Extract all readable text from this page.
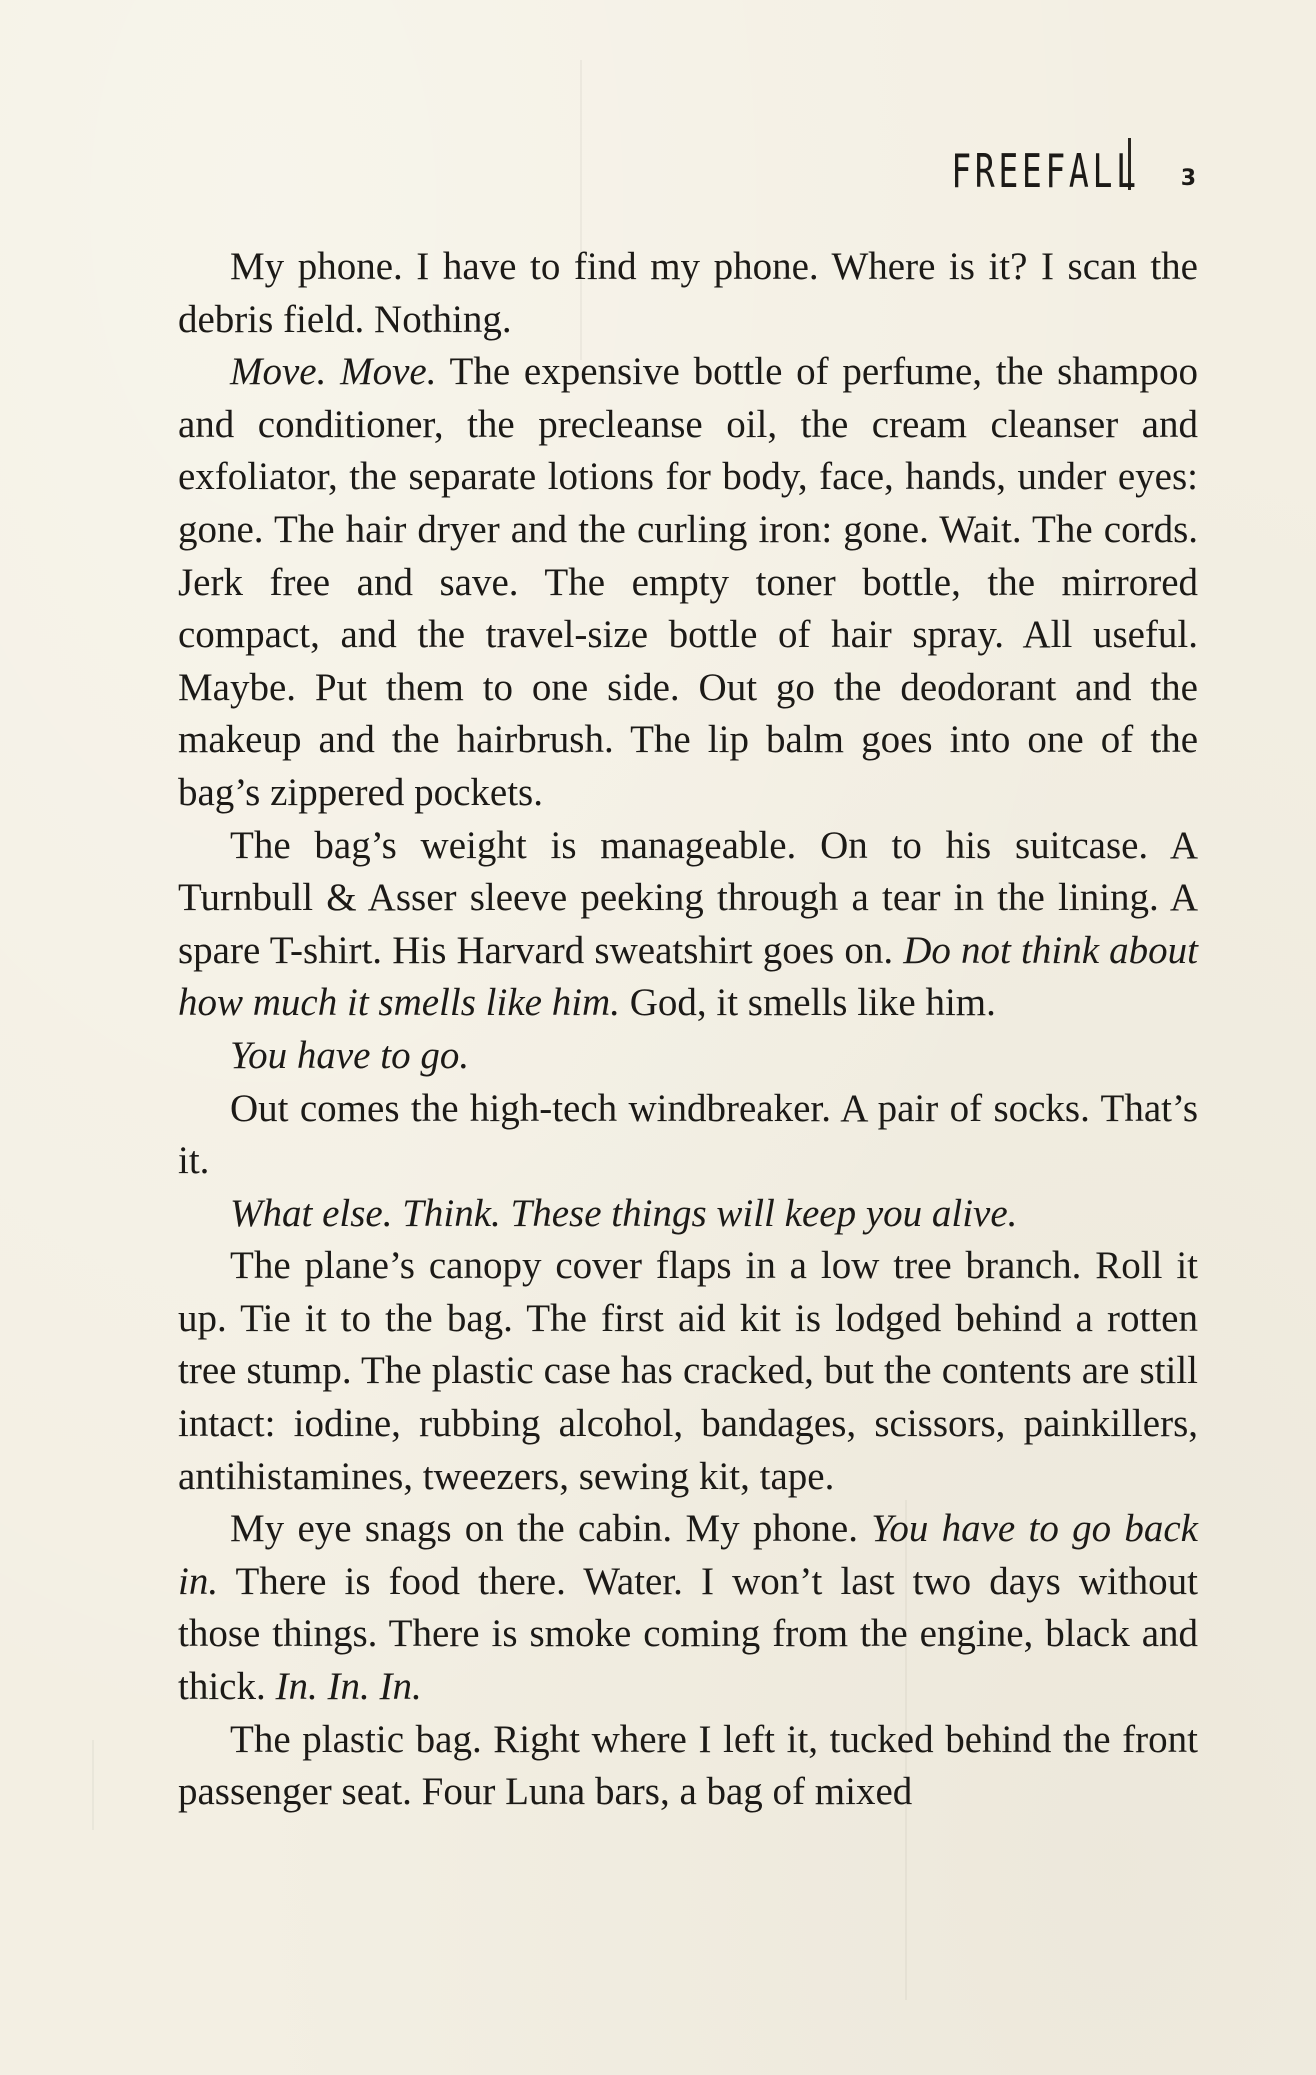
FREEFALL 3

My phone. I have to find my phone. Where is it? I scan the debris field. Nothing.

Move. Move. The expensive bottle of perfume, the shampoo and conditioner, the precleanse oil, the cream cleanser and exfoliator, the separate lotions for body, face, hands, under eyes: gone. The hair dryer and the curling iron: gone. Wait. The cords. Jerk free and save. The empty toner bottle, the mirrored compact, and the travel-size bottle of hair spray. All useful. Maybe. Put them to one side. Out go the deodorant and the makeup and the hairbrush. The lip balm goes into one of the bag’s zippered pockets.

The bag’s weight is manageable. On to his suitcase. A Turnbull & Asser sleeve peeking through a tear in the lining. A spare T-shirt. His Harvard sweatshirt goes on. Do not think about how much it smells like him. God, it smells like him.

You have to go.

Out comes the high-tech windbreaker. A pair of socks. That’s it.

What else. Think. These things will keep you alive.

The plane’s canopy cover flaps in a low tree branch. Roll it up. Tie it to the bag. The first aid kit is lodged behind a rotten tree stump. The plastic case has cracked, but the contents are still intact: iodine, rubbing alcohol, bandages, scissors, painkillers, antihistamines, tweezers, sewing kit, tape.

My eye snags on the cabin. My phone. You have to go back in. There is food there. Water. I won’t last two days without those things. There is smoke coming from the engine, black and thick. In. In. In.

The plastic bag. Right where I left it, tucked behind the front passenger seat. Four Luna bars, a bag of mixed
